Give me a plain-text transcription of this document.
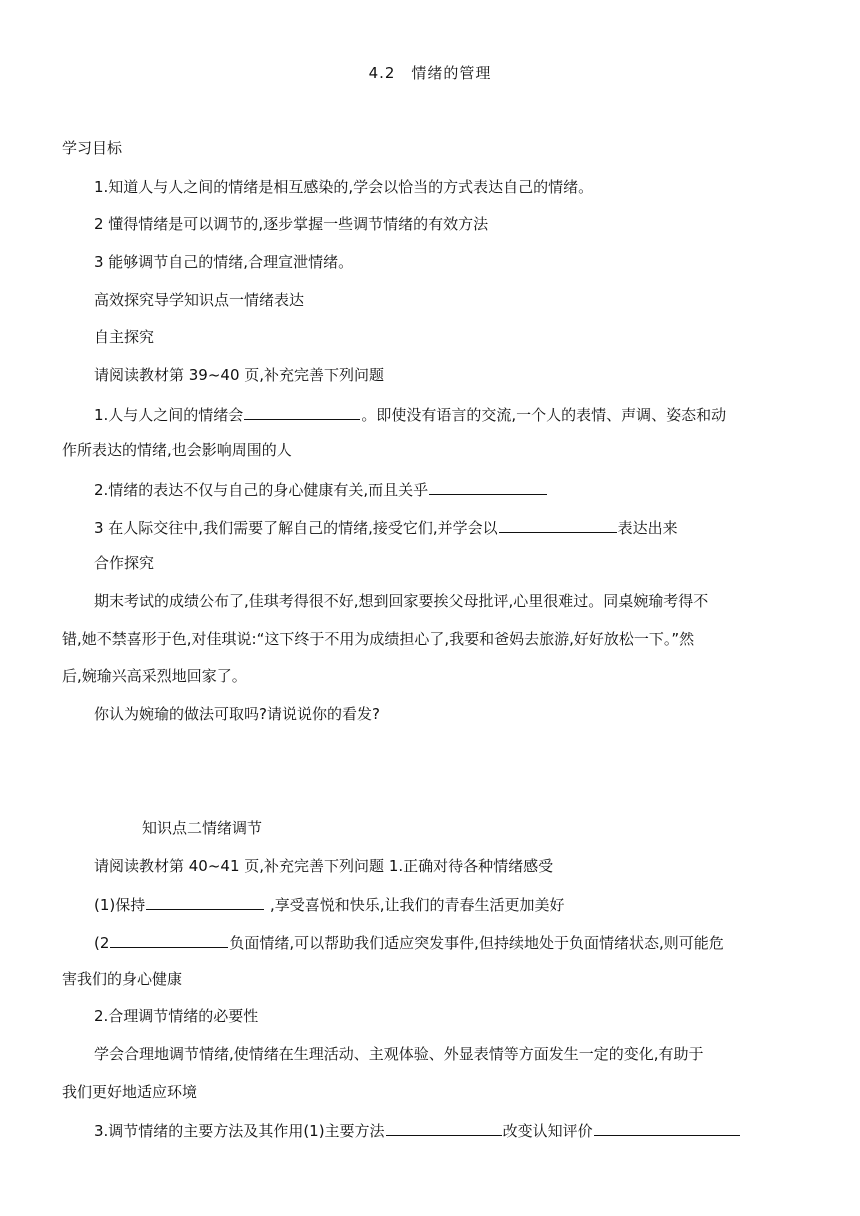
4.2　情绪的管理
学习目标
1.知道人与人之间的情绪是相互感染的,学会以恰当的方式表达自己的情绪。
2 懂得情绪是可以调节的,逐步掌握一些调节情绪的有效方法
3 能够调节自己的情绪,合理宣泄情绪。
高效探究导学知识点一情绪表达
自主探究
请阅读教材第 39~40 页,补充完善下列问题
1.人与人之间的情绪会	。即使没有语言的交流,一个人的表情、声调、姿态和动
作所表达的情绪,也会影响周围的人
2.情绪的表达不仅与自己的身心健康有关,而且关乎
3 在人际交往中,我们需要了解自己的情绪,接受它们,并学会以	表达出来
合作探究
期末考试的成绩公布了,佳琪考得很不好,想到回家要挨父母批评,心里很难过。同桌婉瑜考得不
错,她不禁喜形于色,对佳琪说:“这下终于不用为成绩担心了,我要和爸妈去旅游,好好放松一下。”然
后,婉瑜兴高采烈地回家了。
你认为婉瑜的做法可取吗?请说说你的看发?
知识点二情绪调节
请阅读教材第 40~41 页,补充完善下列问题 1.正确对待各种情绪感受
(1)保持	,享受喜悦和快乐,让我们的青春生活更加美好
(2	负面情绪,可以帮助我们适应突发事件,但持续地处于负面情绪状态,则可能危
害我们的身心健康
2.合理调节情绪的必要性
学会合理地调节情绪,使情绪在生理活动、主观体验、外显表情等方面发生一定的变化,有助于
我们更好地适应环境
3.调节情绪的主要方法及其作用(1)主要方法	改变认知评价
